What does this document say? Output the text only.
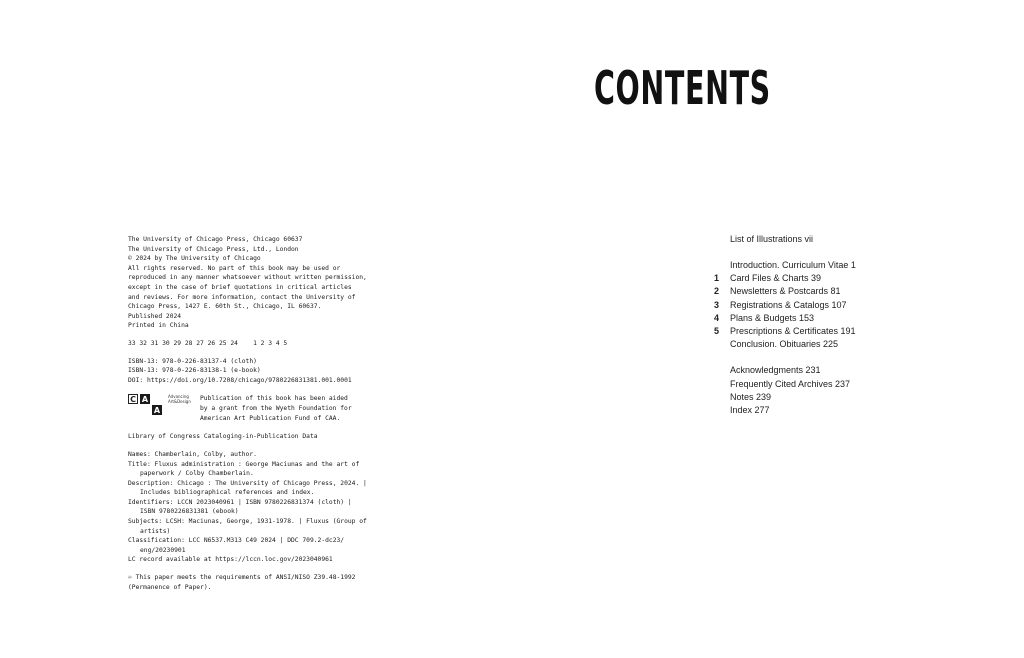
The University of Chicago Press, Chicago 60637
The University of Chicago Press, Ltd., London
© 2024 by The University of Chicago
All rights reserved. No part of this book may be used or
reproduced in any manner whatsoever without written permission,
except in the case of brief quotations in critical articles
and reviews. For more information, contact the University of
Chicago Press, 1427 E. 60th St., Chicago, IL 60637.
Published 2024
Printed in China
33 32 31 30 29 28 27 26 25 24    1 2 3 4 5
ISBN-13: 978-0-226-83137-4 (cloth)
ISBN-13: 978-0-226-83138-1 (e-book)
DOI: https://doi.org/10.7208/chicago/9780226831381.001.0001
C A
A
Advancing
Art&Design Publication of this book has been aided
by a grant from the Wyeth Foundation for
American Art Publication Fund of CAA.
Library of Congress Cataloging-in-Publication Data
Names: Chamberlain, Colby, author.
Title: Fluxus administration : George Maciunas and the art of
paperwork / Colby Chamberlain.
Description: Chicago : The University of Chicago Press, 2024. |
Includes bibliographical references and index.
Identifiers: LCCN 2023040961 | ISBN 9780226831374 (cloth) |
ISBN 9780226831381 (ebook)
Subjects: LCSH: Maciunas, George, 1931-1978. | Fluxus (Group of
artists)
Classification: LCC N6537.M313 C49 2024 | DDC 709.2-dc23/
eng/20230901
LC record available at https://lccn.loc.gov/2023040961
♾ This paper meets the requirements of ANSI/NISO Z39.48-1992
(Permanence of Paper).
CONTENTS
List of Illustrations vii
Introduction. Curriculum Vitae 1
1	Card Files & Charts 39
2	Newsletters & Postcards 81
3	Registrations & Catalogs 107
4	Plans & Budgets 153
5	Prescriptions & Certificates 191
Conclusion. Obituaries 225
Acknowledgments 231
Frequently Cited Archives 237
Notes 239
Index 277
